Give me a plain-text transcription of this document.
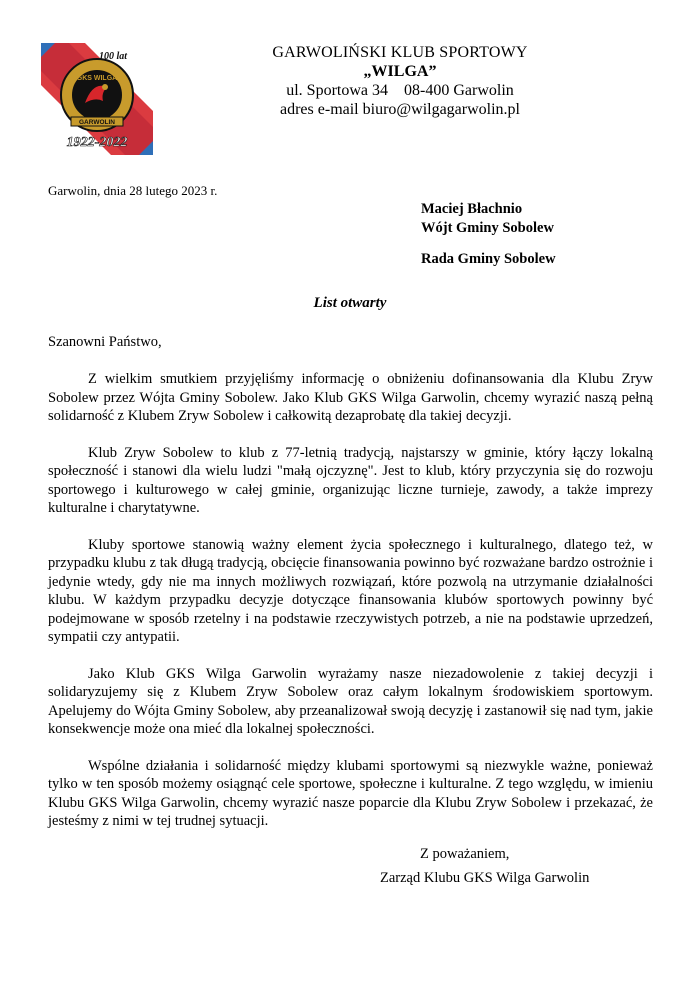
GKS WILGA
100 lat
GARWOLIN
1922-2022
GARWOLIŃSKI KLUB SPORTOWY
„WILGA”
ul. Sportowa 34    08-400 Garwolin
adres e-mail biuro@wilgagarwolin.pl
Garwolin, dnia 28 lutego 2023 r.
Maciej Błachnio
Wójt Gminy Sobolew
Rada Gminy Sobolew
List otwarty
Szanowni Państwo,

Z wielkim smutkiem przyjęliśmy informację o obniżeniu dofinansowania dla Klubu Zryw Sobolew przez Wójta Gminy Sobolew. Jako Klub GKS Wilga Garwolin, chcemy wyrazić naszą pełną solidarność z Klubem Zryw Sobolew i całkowitą dezaprobatę dla takiej decyzji.

Klub Zryw Sobolew to klub z 77-letnią tradycją, najstarszy w gminie, który łączy lokalną społeczność i stanowi dla wielu ludzi "małą ojczyznę". Jest to klub, który przyczynia się do rozwoju sportowego i kulturowego w całej gminie, organizując liczne turnieje, zawody, a także imprezy kulturalne i charytatywne.

Kluby sportowe stanowią ważny element życia społecznego i kulturalnego, dlatego też, w przypadku klubu z tak długą tradycją, obcięcie finansowania powinno być rozważane bardzo ostrożnie i jedynie wtedy, gdy nie ma innych możliwych rozwiązań, które pozwolą na utrzymanie działalności klubu. W każdym przypadku decyzje dotyczące finansowania klubów sportowych powinny być podejmowane w sposób rzetelny i na podstawie rzeczywistych potrzeb, a nie na podstawie uprzedzeń, sympatii czy antypatii.

Jako Klub GKS Wilga Garwolin wyrażamy nasze niezadowolenie z takiej decyzji i solidaryzujemy się z Klubem Zryw Sobolew oraz całym lokalnym środowiskiem sportowym. Apelujemy do Wójta Gminy Sobolew, aby przeanalizował swoją decyzję i zastanowił się nad tym, jakie konsekwencje może ona mieć dla lokalnej społeczności.

Wspólne działania i solidarność między klubami sportowymi są niezwykle ważne, ponieważ tylko w ten sposób możemy osiągnąć cele sportowe, społeczne i kulturalne. Z tego względu, w imieniu Klubu GKS Wilga Garwolin, chcemy wyrazić nasze poparcie dla Klubu Zryw Sobolew i przekazać, że jesteśmy z nimi w tej trudnej sytuacji.

Z poważaniem,
Zarząd Klubu GKS Wilga Garwolin
